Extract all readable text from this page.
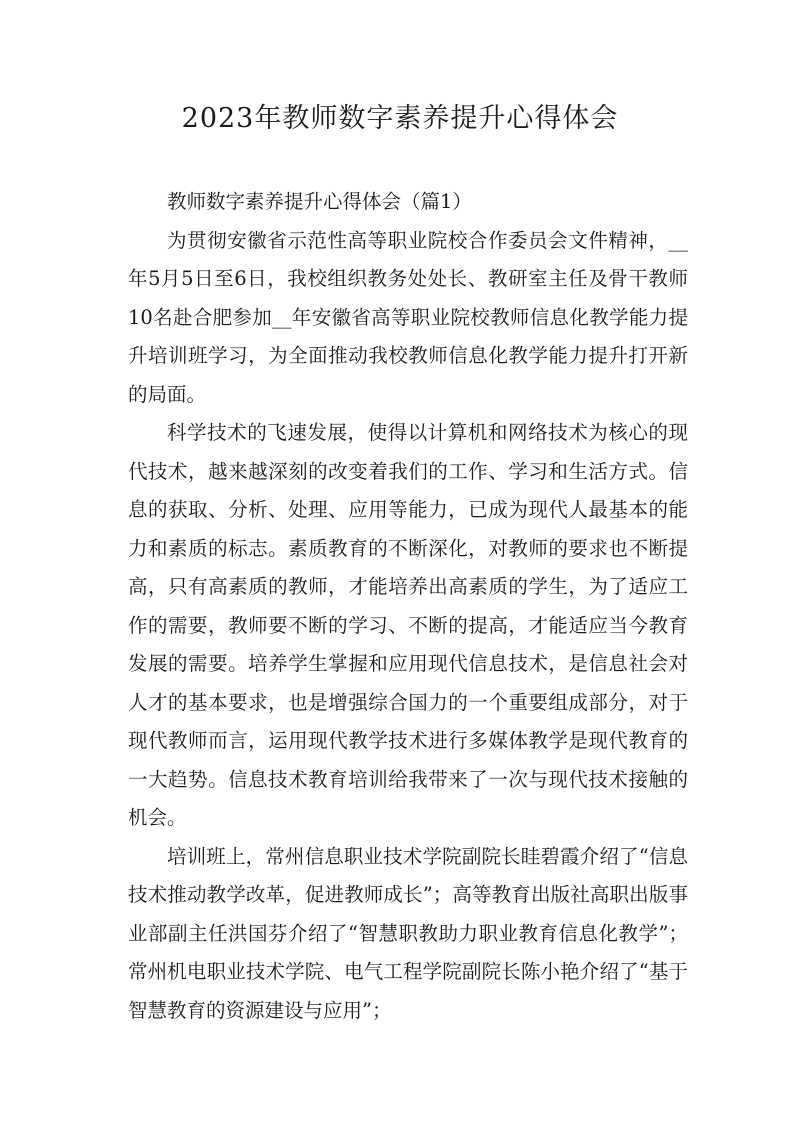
2023年教师数字素养提升心得体会

教师数字素养提升心得体会（篇1）

为贯彻安徽省示范性高等职业院校合作委员会文件精神，__年5月5日至6日，我校组织教务处处长、教研室主任及骨干教师10名赴合肥参加__年安徽省高等职业院校教师信息化教学能力提升培训班学习，为全面推动我校教师信息化教学能力提升打开新的局面。

科学技术的飞速发展，使得以计算机和网络技术为核心的现代技术，越来越深刻的改变着我们的工作、学习和生活方式。信息的获取、分析、处理、应用等能力，已成为现代人最基本的能力和素质的标志。素质教育的不断深化，对教师的要求也不断提高，只有高素质的教师，才能培养出高素质的学生，为了适应工作的需要，教师要不断的学习、不断的提高，才能适应当今教育发展的需要。培养学生掌握和应用现代信息技术，是信息社会对人才的基本要求，也是增强综合国力的一个重要组成部分，对于现代教师而言，运用现代教学技术进行多媒体教学是现代教育的一大趋势。信息技术教育培训给我带来了一次与现代技术接触的机会。

培训班上，常州信息职业技术学院副院长眭碧霞介绍了“信息技术推动教学改革，促进教师成长”；高等教育出版社高职出版事业部副主任洪国芬介绍了“智慧职教助力职业教育信息化教学”；常州机电职业技术学院、电气工程学院副院长陈小艳介绍了“基于智慧教育的资源建设与应用”；
